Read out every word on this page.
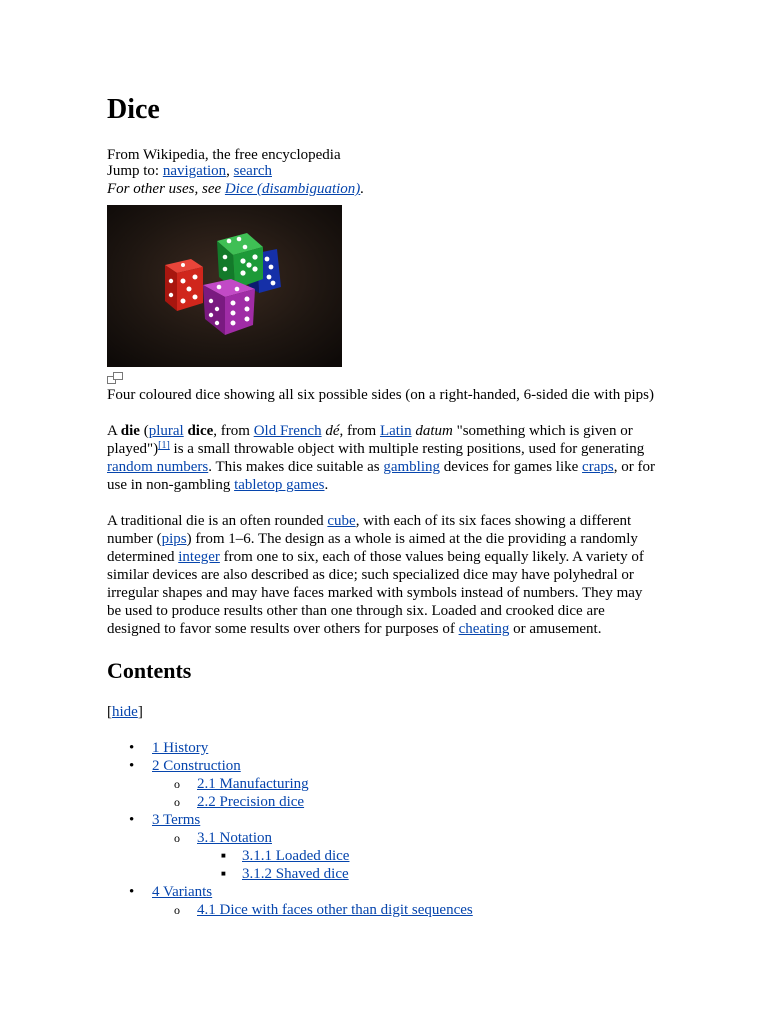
Dice

From Wikipedia, the free encyclopedia

Jump to: navigation, search

For other uses, see Dice (disambiguation).

Four coloured dice showing all six possible sides (on a right-handed, 6-sided die with pips)

A die (plural dice, from Old French dé, from Latin datum "something which is given or
played")[1] is a small throwable object with multiple resting positions, used for generating
random numbers. This makes dice suitable as gambling devices for games like craps, or for
use in non-gambling tabletop games.
A traditional die is an often rounded cube, with each of its six faces showing a different
number (pips) from 1–6. The design as a whole is aimed at the die providing a randomly
determined integer from one to six, each of those values being equally likely. A variety of
similar devices are also described as dice; such specialized dice may have polyhedral or
irregular shapes and may have faces marked with symbols instead of numbers. They may
be used to produce results other than one through six. Loaded and crooked dice are
designed to favor some results over others for purposes of cheating or amusement.
Contents

[hide]

• 1 History
• 2 Construction
o 2.1 Manufacturing
o 2.2 Precision dice
• 3 Terms
o 3.1 Notation
■ 3.1.1 Loaded dice
■ 3.1.2 Shaved dice
• 4 Variants
o 4.1 Dice with faces other than digit sequences
